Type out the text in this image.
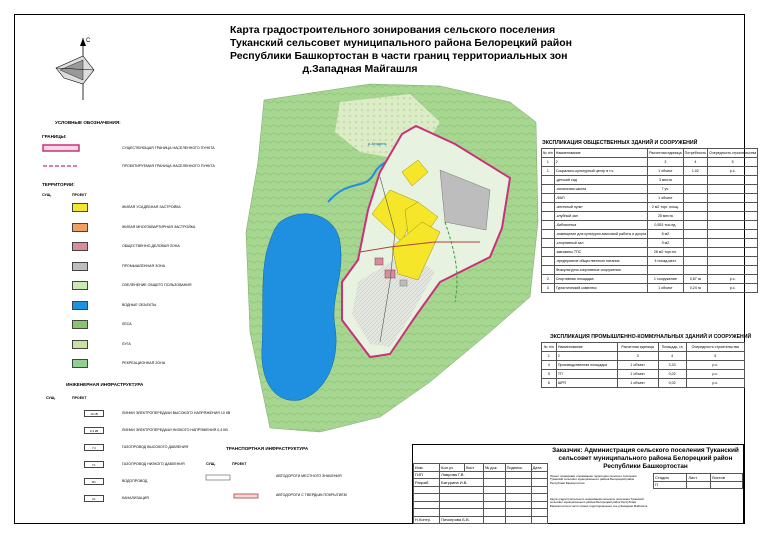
Карта градостроительного зонирования сельского поселения
Туканский сельсовет муниципального района Белорецкий район
Республики Башкортостан в части границ территориальных зон
д.Западная Майгашля
С
УСЛОВНЫЕ ОБОЗНАЧЕНИЯ:
ГРАНИЦЫ:
СУЩЕСТВУЮЩАЯ ГРАНИЦА НАСЕЛЕННОГО ПУНКТА
ПРОЕКТИРУЕМАЯ ГРАНИЦА НАСЕЛЕННОГО ПУНКТА
ТЕРРИТОРИИ:
СУЩ.	ПРОЕКТ
ЖИЛАЯ УСАДЕБНАЯ ЗАСТРОЙКА
ЖИЛАЯ МНОГОКВАРТИРНАЯ ЗАСТРОЙКА
ОБЩЕСТВЕННО-ДЕЛОВАЯ ЗОНА
ПРОМЫШЛЕННАЯ ЗОНА
ОЗЕЛЕНЕНИЕ ОБЩЕГО ПОЛЬЗОВАНИЯ
ВОДНЫЕ ОБЪЕКТЫ
ЛЕСА
ЛУГА
РЕКРЕАЦИОННАЯ ЗОНА
ИНЖЕНЕРНАЯ ИНФРАСТРУКТУРА
СУЩ.	ПРОЕКТ
10 кВ	ЛИНИИ ЭЛЕКТРОПЕРЕДАЧИ ВЫСОКОГО НАПРЯЖЕНИЯ 10 КВ
0,4 кВ	ЛИНИИ ЭЛЕКТРОПЕРЕДАЧИ НИЗКОГО НАПРЯЖЕНИЯ 0,4 КВ
Г4	ГАЗОПРОВОД ВЫСОКОГО ДАВЛЕНИЯ
Г1	ГАЗОПРОВОД НИЗКОГО ДАВЛЕНИЯ
В1	ВОДОПРОВОД
К1	КАНАЛИЗАЦИЯ
ТРАНСПОРТНАЯ ИНФРАСТРУКТУРА
СУЩ.	ПРОЕКТ
АВТОДОРОГИ МЕСТНОГО ЗНАЧЕНИЯ
АВТОДОРОГИ С ТВЕРДЫМ ПОКРЫТИЕМ
р.Агидель	ЭКСПЛИКАЦИЯ ОБЩЕСТВЕННЫХ ЗДАНИЙ И СООРУЖЕНИЙ
№ п/п	Наименование	Расчетная единица	Потребность	Очередность строительства
1	2	3	4	5
1	Социально-культурный центр в т.ч.	1 объект	1,02	р.с.
	-детский сад	3 места		
	-начальная школа	7 уч.		
	-ФАП	1 объект		
	-аптечный пункт	2 м2 торг. площ.		
	-клубный зал	25 места		
	-библиотека	0,553 тыс.ед.		
	-помещение для культурно-массовой работы и досуга	8 м2		
	-спортивный зал	9 м2		
	-магазины ТПС	26 м2 торг.пл.		
	-предприятие общественного питания	4 посад.мест		
	Физкультурно-спортивные сооружения			
2	Спортивная площадка	1 сооружение	0,87 га	р.с.
3	Туристический комплекс	1 объект	0,24 га	р.с.
ЭКСПЛИКАЦИЯ ПРОМЫШЛЕННО-КОММУНАЛЬНЫХ ЗДАНИЙ И СООРУЖЕНИЙ
№ п/п	Наименование	Расчетная единица	Площадь, га	Очередность строительства
1	2	3	4	5
4	Производственная площадка	1 объект	3,33	р.с.
5	ТП	1 объект	0,02	р.с.
6	ШРП	1 объект	0,02	р.с.
Заказчик: Администрация сельского поселения Туканский сельсовет муниципального района Белорецкий район Республики Башкортостан
Изм.	Кол.уч	Лист	№ док.	Подпись	Дата
ГИП	Лаврова Г.В.				
Разраб.	Батурина И.В.				

Н.Контр.	Пичкерова Б.В.				
Проект планировки и межевания территории сельского поселения Туканский сельсовет муниципального района Белорецкий район Республики Башкортостан
Карта градостроительного зонирования сельского поселения Туканский сельсовет муниципального района Белорецкий район Республики Башкортостан в части границ территориальных зон д.Западная Майгашля
Стадия	Лист	Листов
П		
